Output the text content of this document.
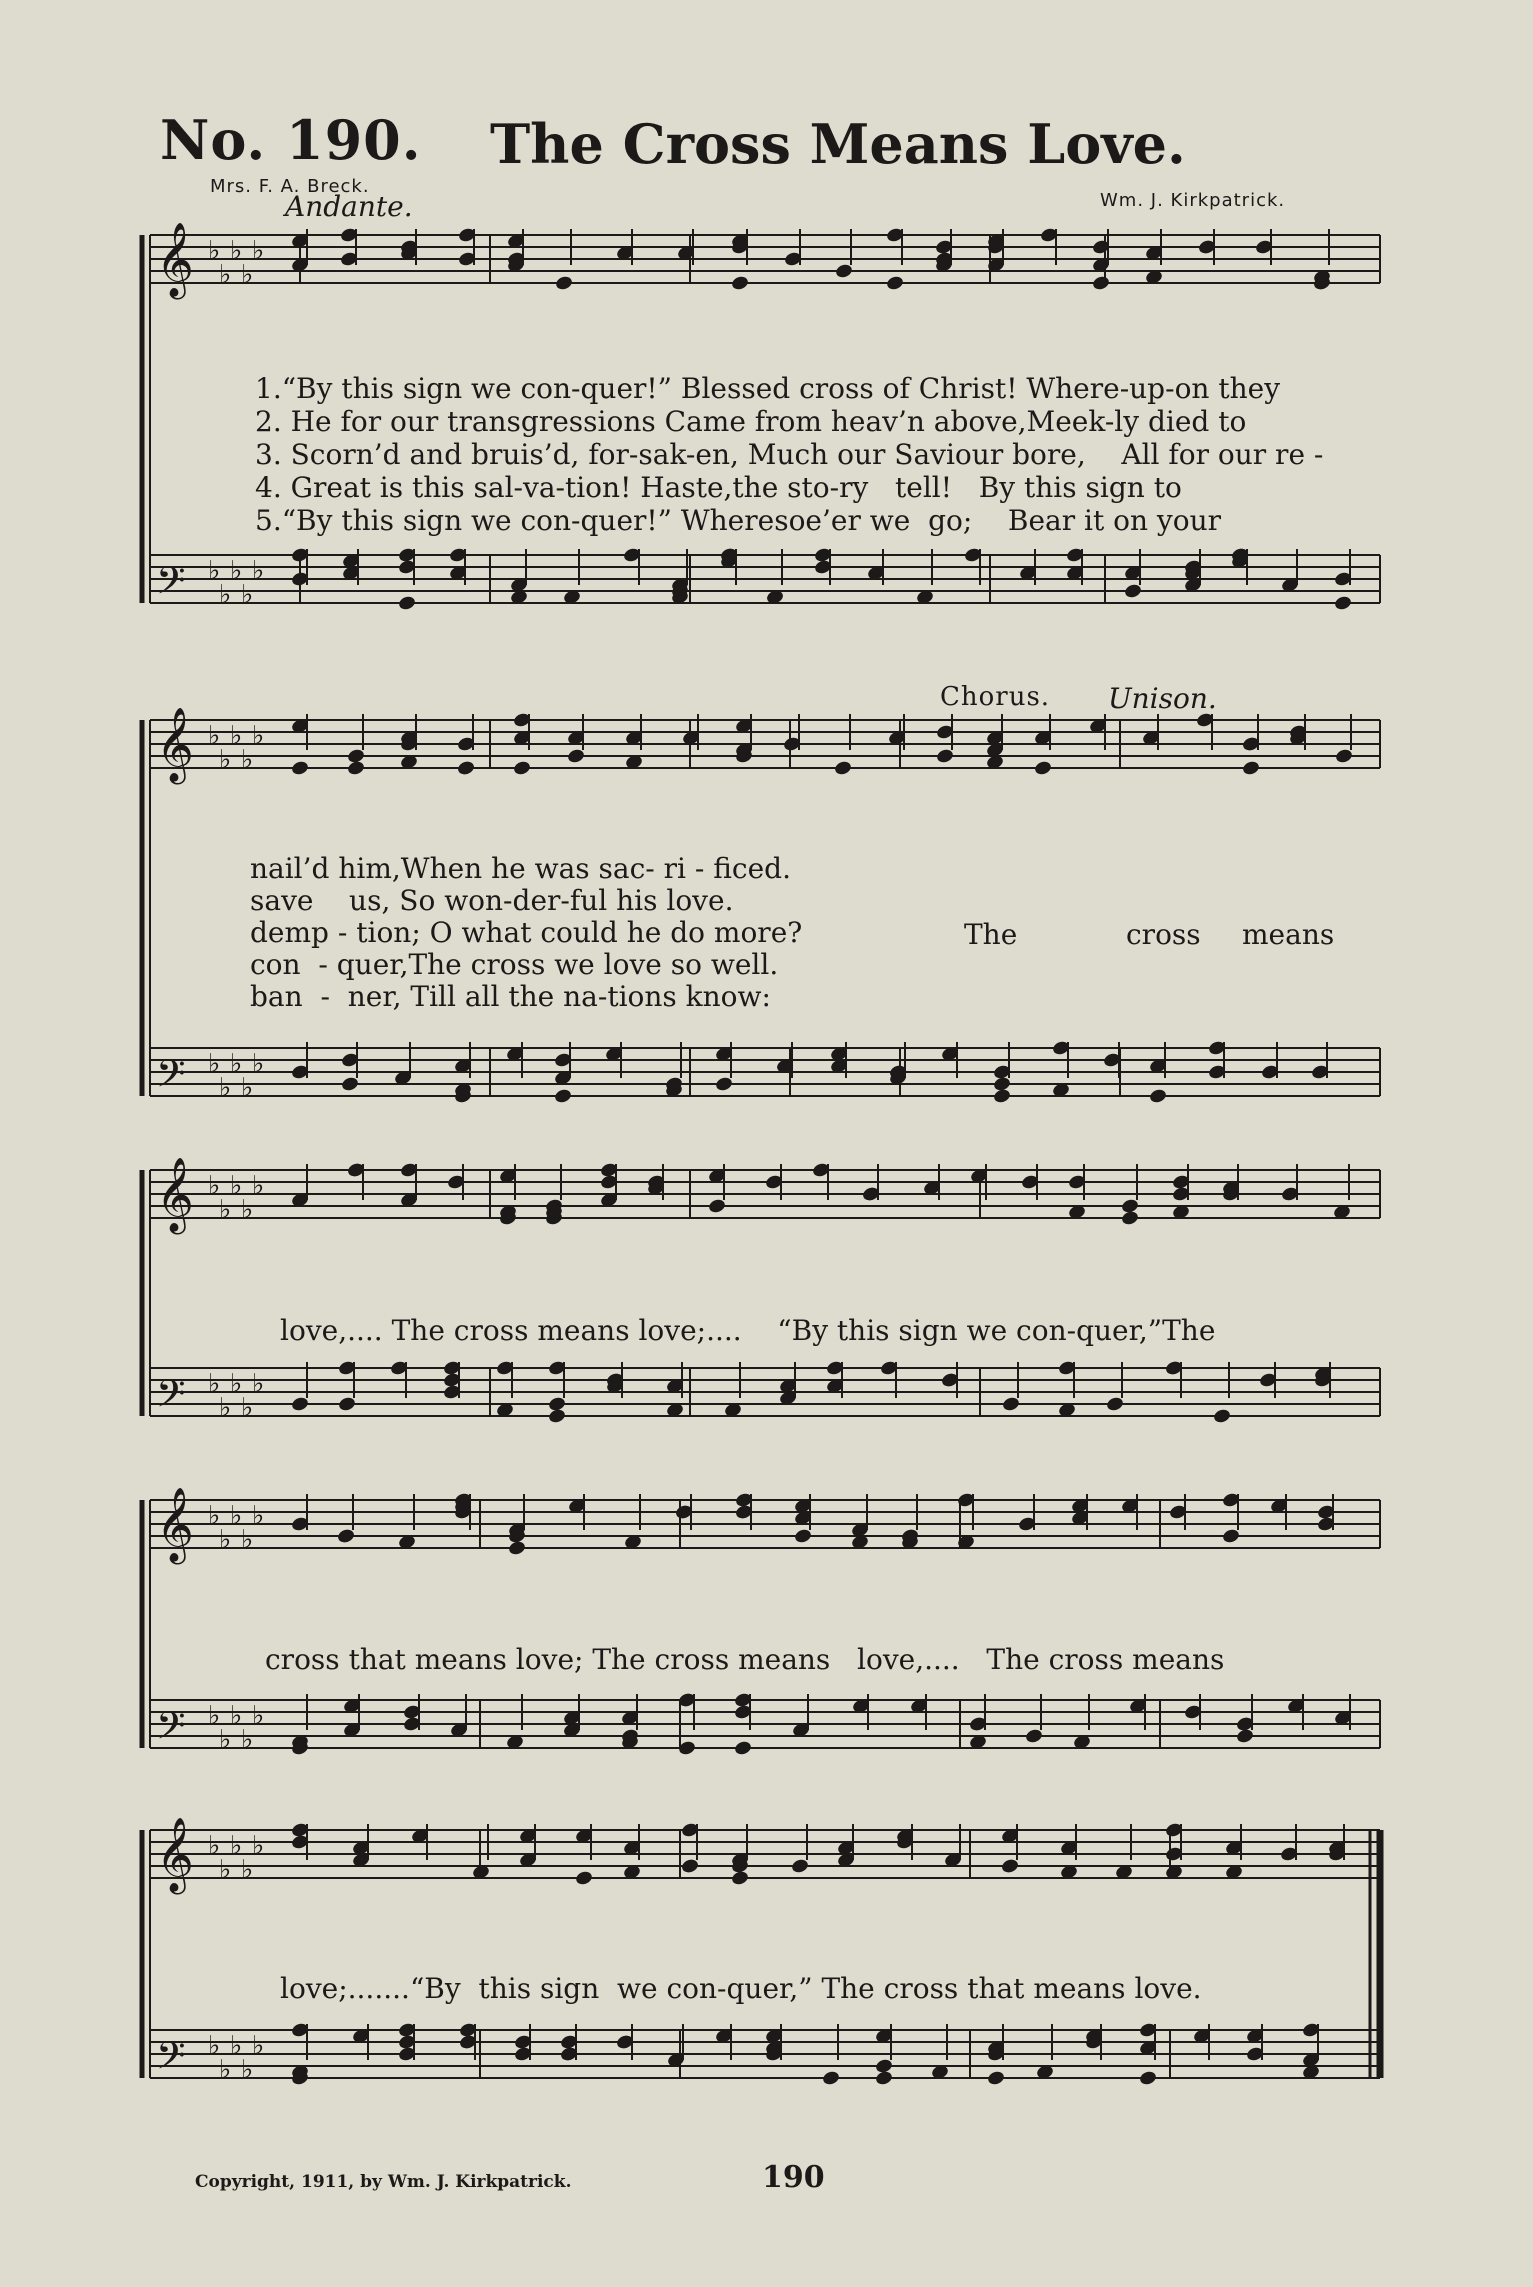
No. 190. The Cross Means Love.
Mrs. F. A. Breck.
Andante.	Wm. J. Kirkpatrick.
𝄞 ♭
♭
♭
♭
♭
𝄢 ♭
♭
♭
♭
♭
𝄞 ♭
♭
♭
♭
♭
𝄢 ♭
♭
♭
♭
♭
𝄞 ♭
♭
♭
♭
♭
𝄢 ♭
♭
♭
♭
♭
𝄞 ♭
♭
♭
♭
♭
𝄢 ♭
♭
♭
♭
♭
𝄞 ♭
♭
♭
♭
♭
𝄢 ♭
♭
♭
♭
♭
1.“By this sign we con-quer!” Blessed cross of Christ! Where-up-on they
2. He for our transgressions Came from heav’n above,Meek-ly died to
3. Scorn’d and bruis’d, for-sak-en, Much our Saviour bore,    All for our re -
4. Great is this sal-va-tion! Haste,the sto-ry   tell!   By this sign to
5.“By this sign we con-quer!” Wheresoe’er we  go;    Bear it on your
Chorus. Unison.
nail’d him,When he was sac- ri - ficed.
save    us, So won-der-ful his love.
demp - tion; O what could he do more?
con  - quer,The cross we love so well.
ban  -  ner, Till all the na-tions know:
The	cross means
love,.... The cross means love;....    “By this sign we con-quer,”The
cross that means love; The cross means   love,....   The cross means
love;.......“By  this sign  we con-quer,” The cross that means love.
Copyright, 1911, by Wm. J. Kirkpatrick.	190
